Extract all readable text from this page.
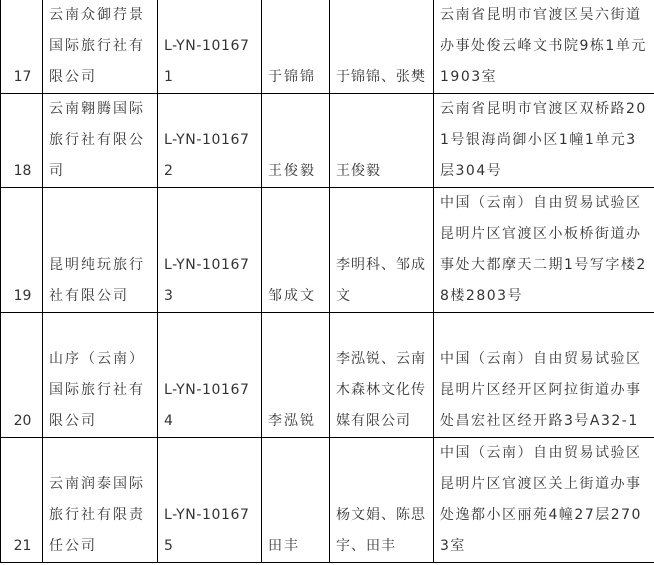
17	云南众御荇景国际旅行社有限公司	L-YN-101671	于锦锦	于锦锦、张樊	云南省昆明市官渡区吴六街道办事处俊云峰文书院9栋1单元1903室
18	云南翱腾国际旅行社有限公司	L-YN-101672	王俊毅	王俊毅	云南省昆明市官渡区双桥路201号银海尚御小区1幢1单元3层304号
19	昆明纯玩旅行社有限公司	L-YN-101673	邹成文	李明科、邹成文	中国（云南）自由贸易试验区昆明片区官渡区小板桥街道办事处大都摩天二期1号写字楼28楼2803号
20	山序（云南）国际旅行社有限公司	L-YN-101674	李泓锐	李泓锐、云南木森林文化传媒有限公司	中国（云南）自由贸易试验区昆明片区经开区阿拉街道办事处昌宏社区经开路3号A32-1
21	云南润泰国际旅行社有限责任公司	L-YN-101675	田丰	杨文娟、陈思宇、田丰	中国（云南）自由贸易试验区昆明片区官渡区关上街道办事处逸都小区丽苑4幢27层2703室
